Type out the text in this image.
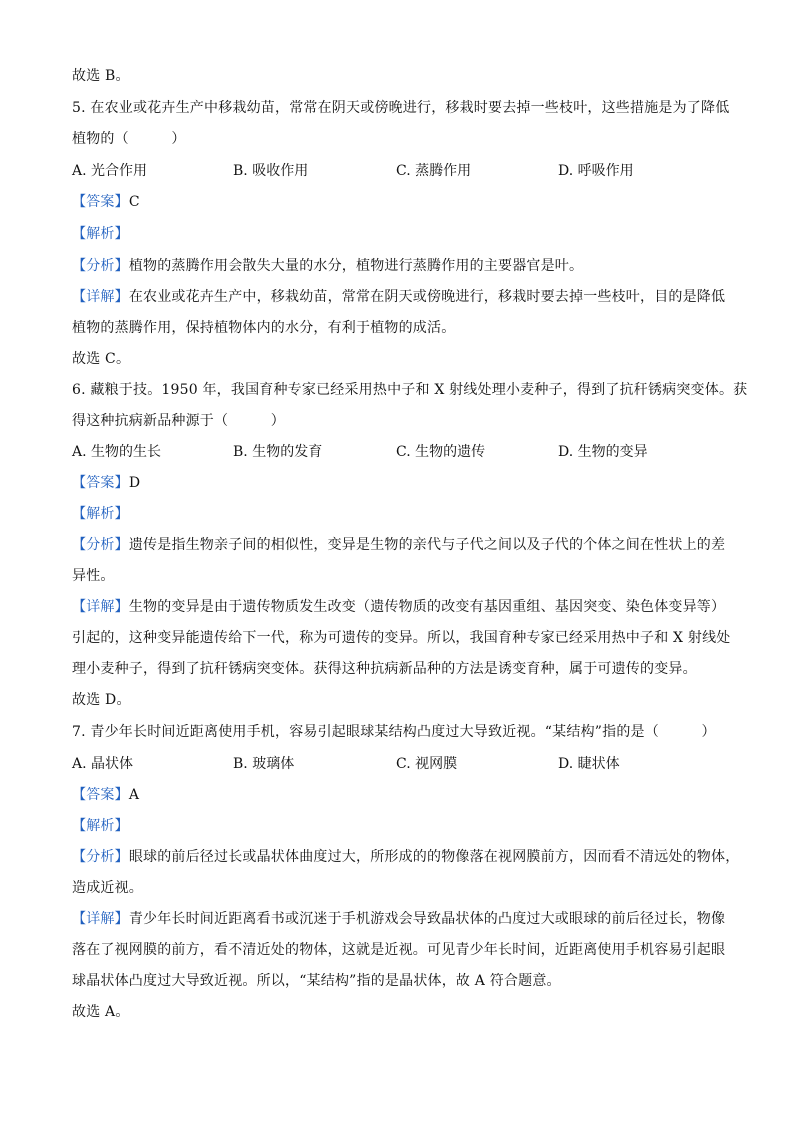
故选 B。
5. 在农业或花卉生产中移栽幼苗，常常在阴天或傍晚进行，移栽时要去掉一些枝叶，这些措施是为了降低
植物的（　　　）
A. 光合作用	B. 吸收作用	C. 蒸腾作用	D. 呼吸作用
【答案】C
【解析】
【分析】植物的蒸腾作用会散失大量的水分，植物进行蒸腾作用的主要器官是叶。
【详解】在农业或花卉生产中，移栽幼苗，常常在阴天或傍晚进行，移栽时要去掉一些枝叶，目的是降低
植物的蒸腾作用，保持植物体内的水分，有利于植物的成活。
故选 C。
6. 藏粮于技。1950 年，我国育种专家已经采用热中子和 X 射线处理小麦种子，得到了抗秆锈病突变体。获
得这种抗病新品种源于（　　　）
A. 生物的生长	B. 生物的发育	C. 生物的遗传	D. 生物的变异
【答案】D
【解析】
【分析】遗传是指生物亲子间的相似性，变异是生物的亲代与子代之间以及子代的个体之间在性状上的差
异性。
【详解】生物的变异是由于遗传物质发生改变（遗传物质的改变有基因重组、基因突变、染色体变异等）
引起的，这种变异能遗传给下一代，称为可遗传的变异。所以，我国育种专家已经采用热中子和 X 射线处
理小麦种子，得到了抗秆锈病突变体。获得这种抗病新品种的方法是诱变育种，属于可遗传的变异。
故选 D。
7. 青少年长时间近距离使用手机，容易引起眼球某结构凸度过大导致近视。“某结构”指的是（　　　）
A. 晶状体	B. 玻璃体	C. 视网膜	D. 睫状体
【答案】A
【解析】
【分析】眼球的前后径过长或晶状体曲度过大，所形成的的物像落在视网膜前方，因而看不清远处的物体，
造成近视。
【详解】青少年长时间近距离看书或沉迷于手机游戏会导致晶状体的凸度过大或眼球的前后径过长，物像
落在了视网膜的前方，看不清近处的物体，这就是近视。可见青少年长时间，近距离使用手机容易引起眼
球晶状体凸度过大导致近视。所以，“某结构”指的是晶状体，故 A 符合题意。
故选 A。
